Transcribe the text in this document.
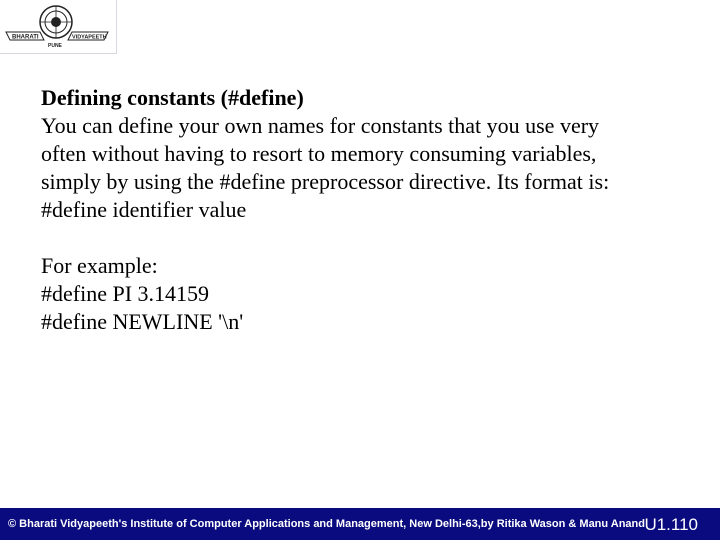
BHARATI	VIDYAPEETH
PUNE

Defining constants (#define)

You can define your own names for constants that you use very

often without having to resort to memory consuming variables,

simply by using the #define preprocessor directive. Its format is:

#define identifier value

For example:

#define PI 3.14159

#define NEWLINE '\n'

© Bharati Vidyapeeth's Institute of Computer Applications and Management, New Delhi-63,by Ritika Wason & Manu Anand U1.110
